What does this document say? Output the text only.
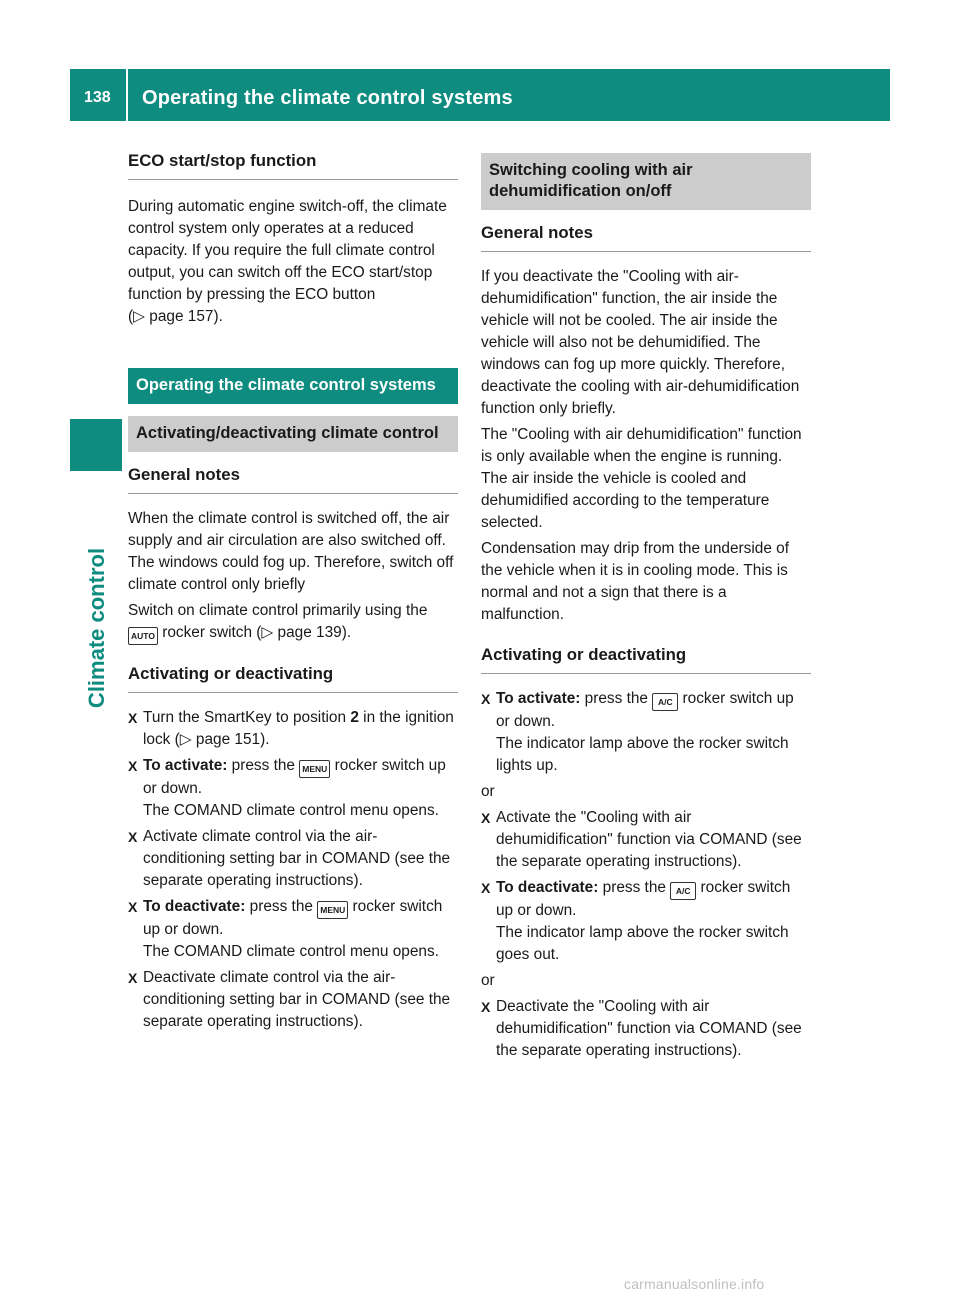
138	Operating the climate control systems
Climate control
ECO start/stop function

During automatic engine switch-off, the climate control system only operates at a reduced capacity. If you require the full climate control output, you can switch off the ECO start/stop function by pressing the ECO button (▷ page 157).

Operating the climate control systems
Activating/deactivating climate control
General notes

When the climate control is switched off, the air supply and air circulation are also switched off. The windows could fog up. Therefore, switch off climate control only briefly

Switch on climate control primarily using the AUTO rocker switch (▷ page 139).

Activating or deactivating
X Turn the SmartKey to position 2 in the ignition lock (▷ page 151).
X To activate: press the MENU rocker switch up or down.
The COMAND climate control menu opens.
X Activate climate control via the air-conditioning setting bar in COMAND (see the separate operating instructions).
X To deactivate: press the MENU rocker switch up or down.
The COMAND climate control menu opens.
X Deactivate climate control via the air-conditioning setting bar in COMAND (see the separate operating instructions).
Switching cooling with air dehumidification on/off
General notes

If you deactivate the "Cooling with air-dehumidification" function, the air inside the vehicle will not be cooled. The air inside the vehicle will also not be dehumidified. The windows can fog up more quickly. Therefore, deactivate the cooling with air-dehumidification function only briefly.

The "Cooling with air dehumidification" function is only available when the engine is running. The air inside the vehicle is cooled and dehumidified according to the temperature selected.

Condensation may drip from the underside of the vehicle when it is in cooling mode. This is normal and not a sign that there is a malfunction.

Activating or deactivating
X To activate: press the A/C rocker switch up or down.
The indicator lamp above the rocker switch lights up.

or

X Activate the "Cooling with air dehumidification" function via COMAND (see the separate operating instructions).
X To deactivate: press the A/C rocker switch up or down.
The indicator lamp above the rocker switch goes out.

or

X Deactivate the "Cooling with air dehumidification" function via COMAND (see the separate operating instructions).
carmanualsonline.info
